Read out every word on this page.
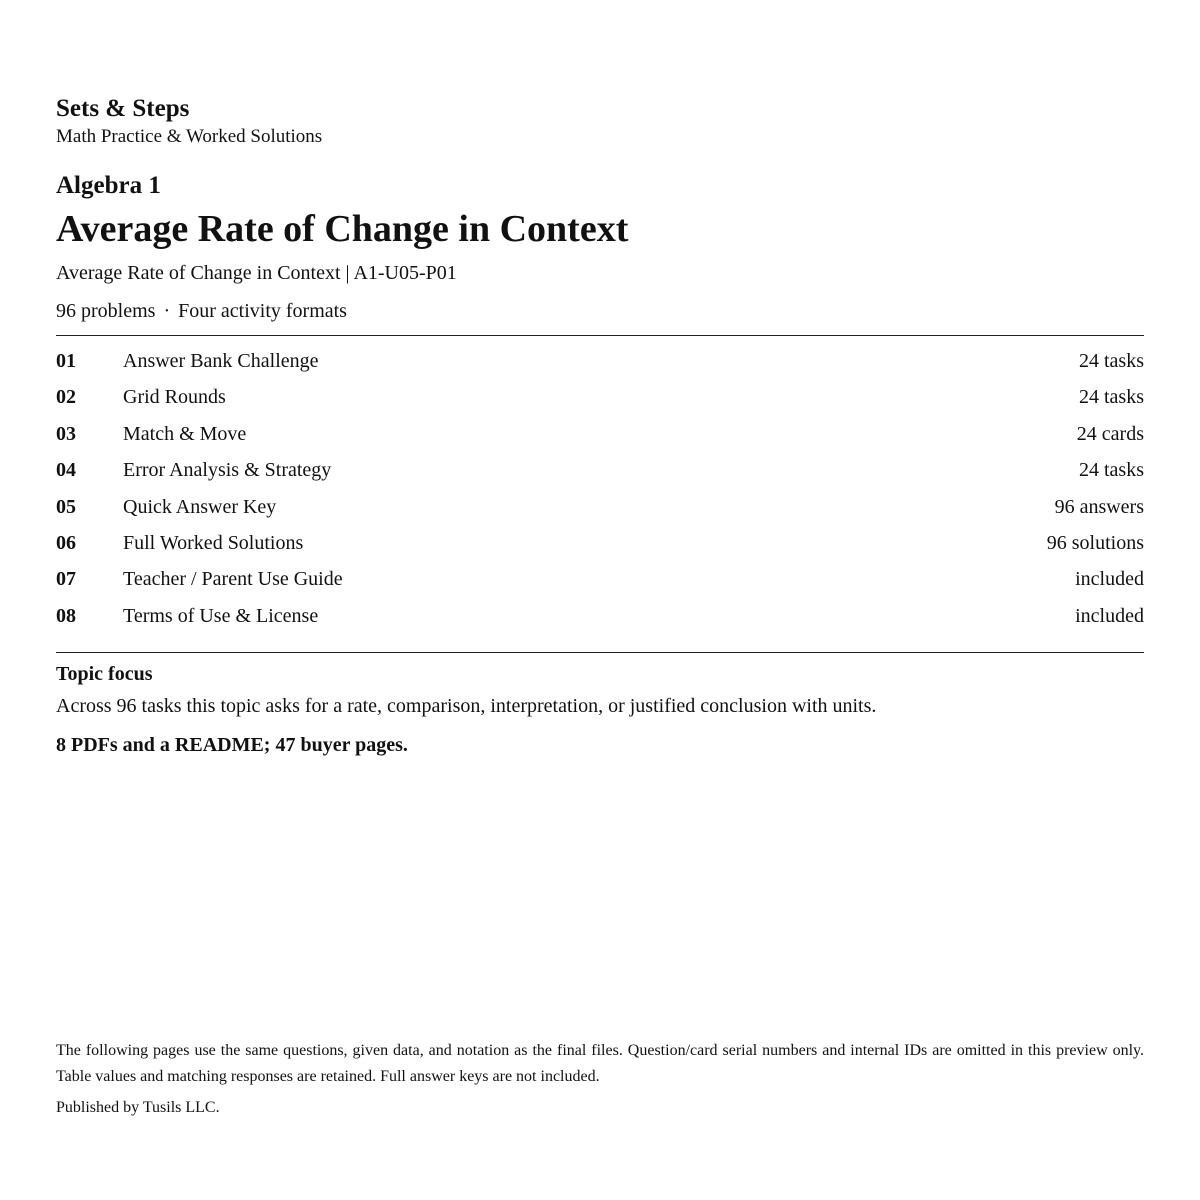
Sets & Steps
Math Practice & Worked Solutions
Algebra 1
Average Rate of Change in Context
Average Rate of Change in Context | A1-U05-P01
96 problems · Four activity formats
01 Answer Bank Challenge	24 tasks
02 Grid Rounds	24 tasks
03 Match & Move	24 cards
04 Error Analysis & Strategy	24 tasks
05 Quick Answer Key	96 answers
06 Full Worked Solutions	96 solutions
07 Teacher / Parent Use Guide	included
08 Terms of Use & License	included
Topic focus
Across 96 tasks this topic asks for a rate, comparison, interpretation, or justified conclusion with units.
8 PDFs and a README; 47 buyer pages.
The following pages use the same questions, given data, and notation as the final files. Question/card serial numbers and internal IDs are omitted in this preview only. Table values and matching responses are retained. Full answer keys are not included.
Published by Tusils LLC.
